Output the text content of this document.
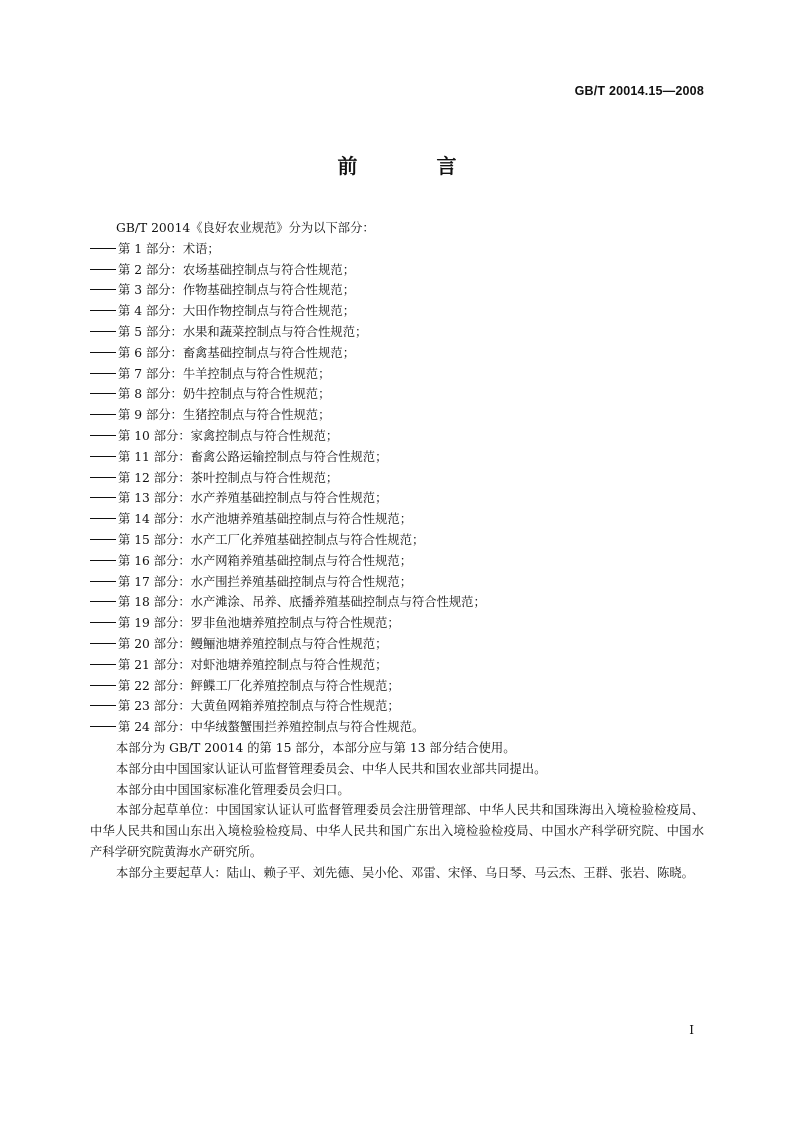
GB/T 20014.15—2008
前 言

GB/T 20014《良好农业规范》分为以下部分：

第 1 部分：术语；

第 2 部分：农场基础控制点与符合性规范；

第 3 部分：作物基础控制点与符合性规范；

第 4 部分：大田作物控制点与符合性规范；

第 5 部分：水果和蔬菜控制点与符合性规范；

第 6 部分：畜禽基础控制点与符合性规范；

第 7 部分：牛羊控制点与符合性规范；

第 8 部分：奶牛控制点与符合性规范；

第 9 部分：生猪控制点与符合性规范；

第 10 部分：家禽控制点与符合性规范；

第 11 部分：畜禽公路运输控制点与符合性规范；

第 12 部分：茶叶控制点与符合性规范；

第 13 部分：水产养殖基础控制点与符合性规范；

第 14 部分：水产池塘养殖基础控制点与符合性规范；

第 15 部分：水产工厂化养殖基础控制点与符合性规范；

第 16 部分：水产网箱养殖基础控制点与符合性规范；

第 17 部分：水产围拦养殖基础控制点与符合性规范；

第 18 部分：水产滩涂、吊养、底播养殖基础控制点与符合性规范；

第 19 部分：罗非鱼池塘养殖控制点与符合性规范；

第 20 部分：鳗鲡池塘养殖控制点与符合性规范；

第 21 部分：对虾池塘养殖控制点与符合性规范；

第 22 部分：鲆鲽工厂化养殖控制点与符合性规范；

第 23 部分：大黄鱼网箱养殖控制点与符合性规范；

第 24 部分：中华绒螯蟹围拦养殖控制点与符合性规范。

本部分为 GB/T 20014 的第 15 部分，本部分应与第 13 部分结合使用。

本部分由中国国家认证认可监督管理委员会、中华人民共和国农业部共同提出。

本部分由中国国家标准化管理委员会归口。

本部分起草单位：中国国家认证认可监督管理委员会注册管理部、中华人民共和国珠海出入境检验检疫局、中华人民共和国山东出入境检验检疫局、中华人民共和国广东出入境检验检疫局、中国水产科学研究院、中国水产科学研究院黄海水产研究所。

本部分主要起草人：陆山、赖子平、刘先德、吴小伦、邓雷、宋怿、乌日琴、马云杰、王群、张岩、陈晓。

I
